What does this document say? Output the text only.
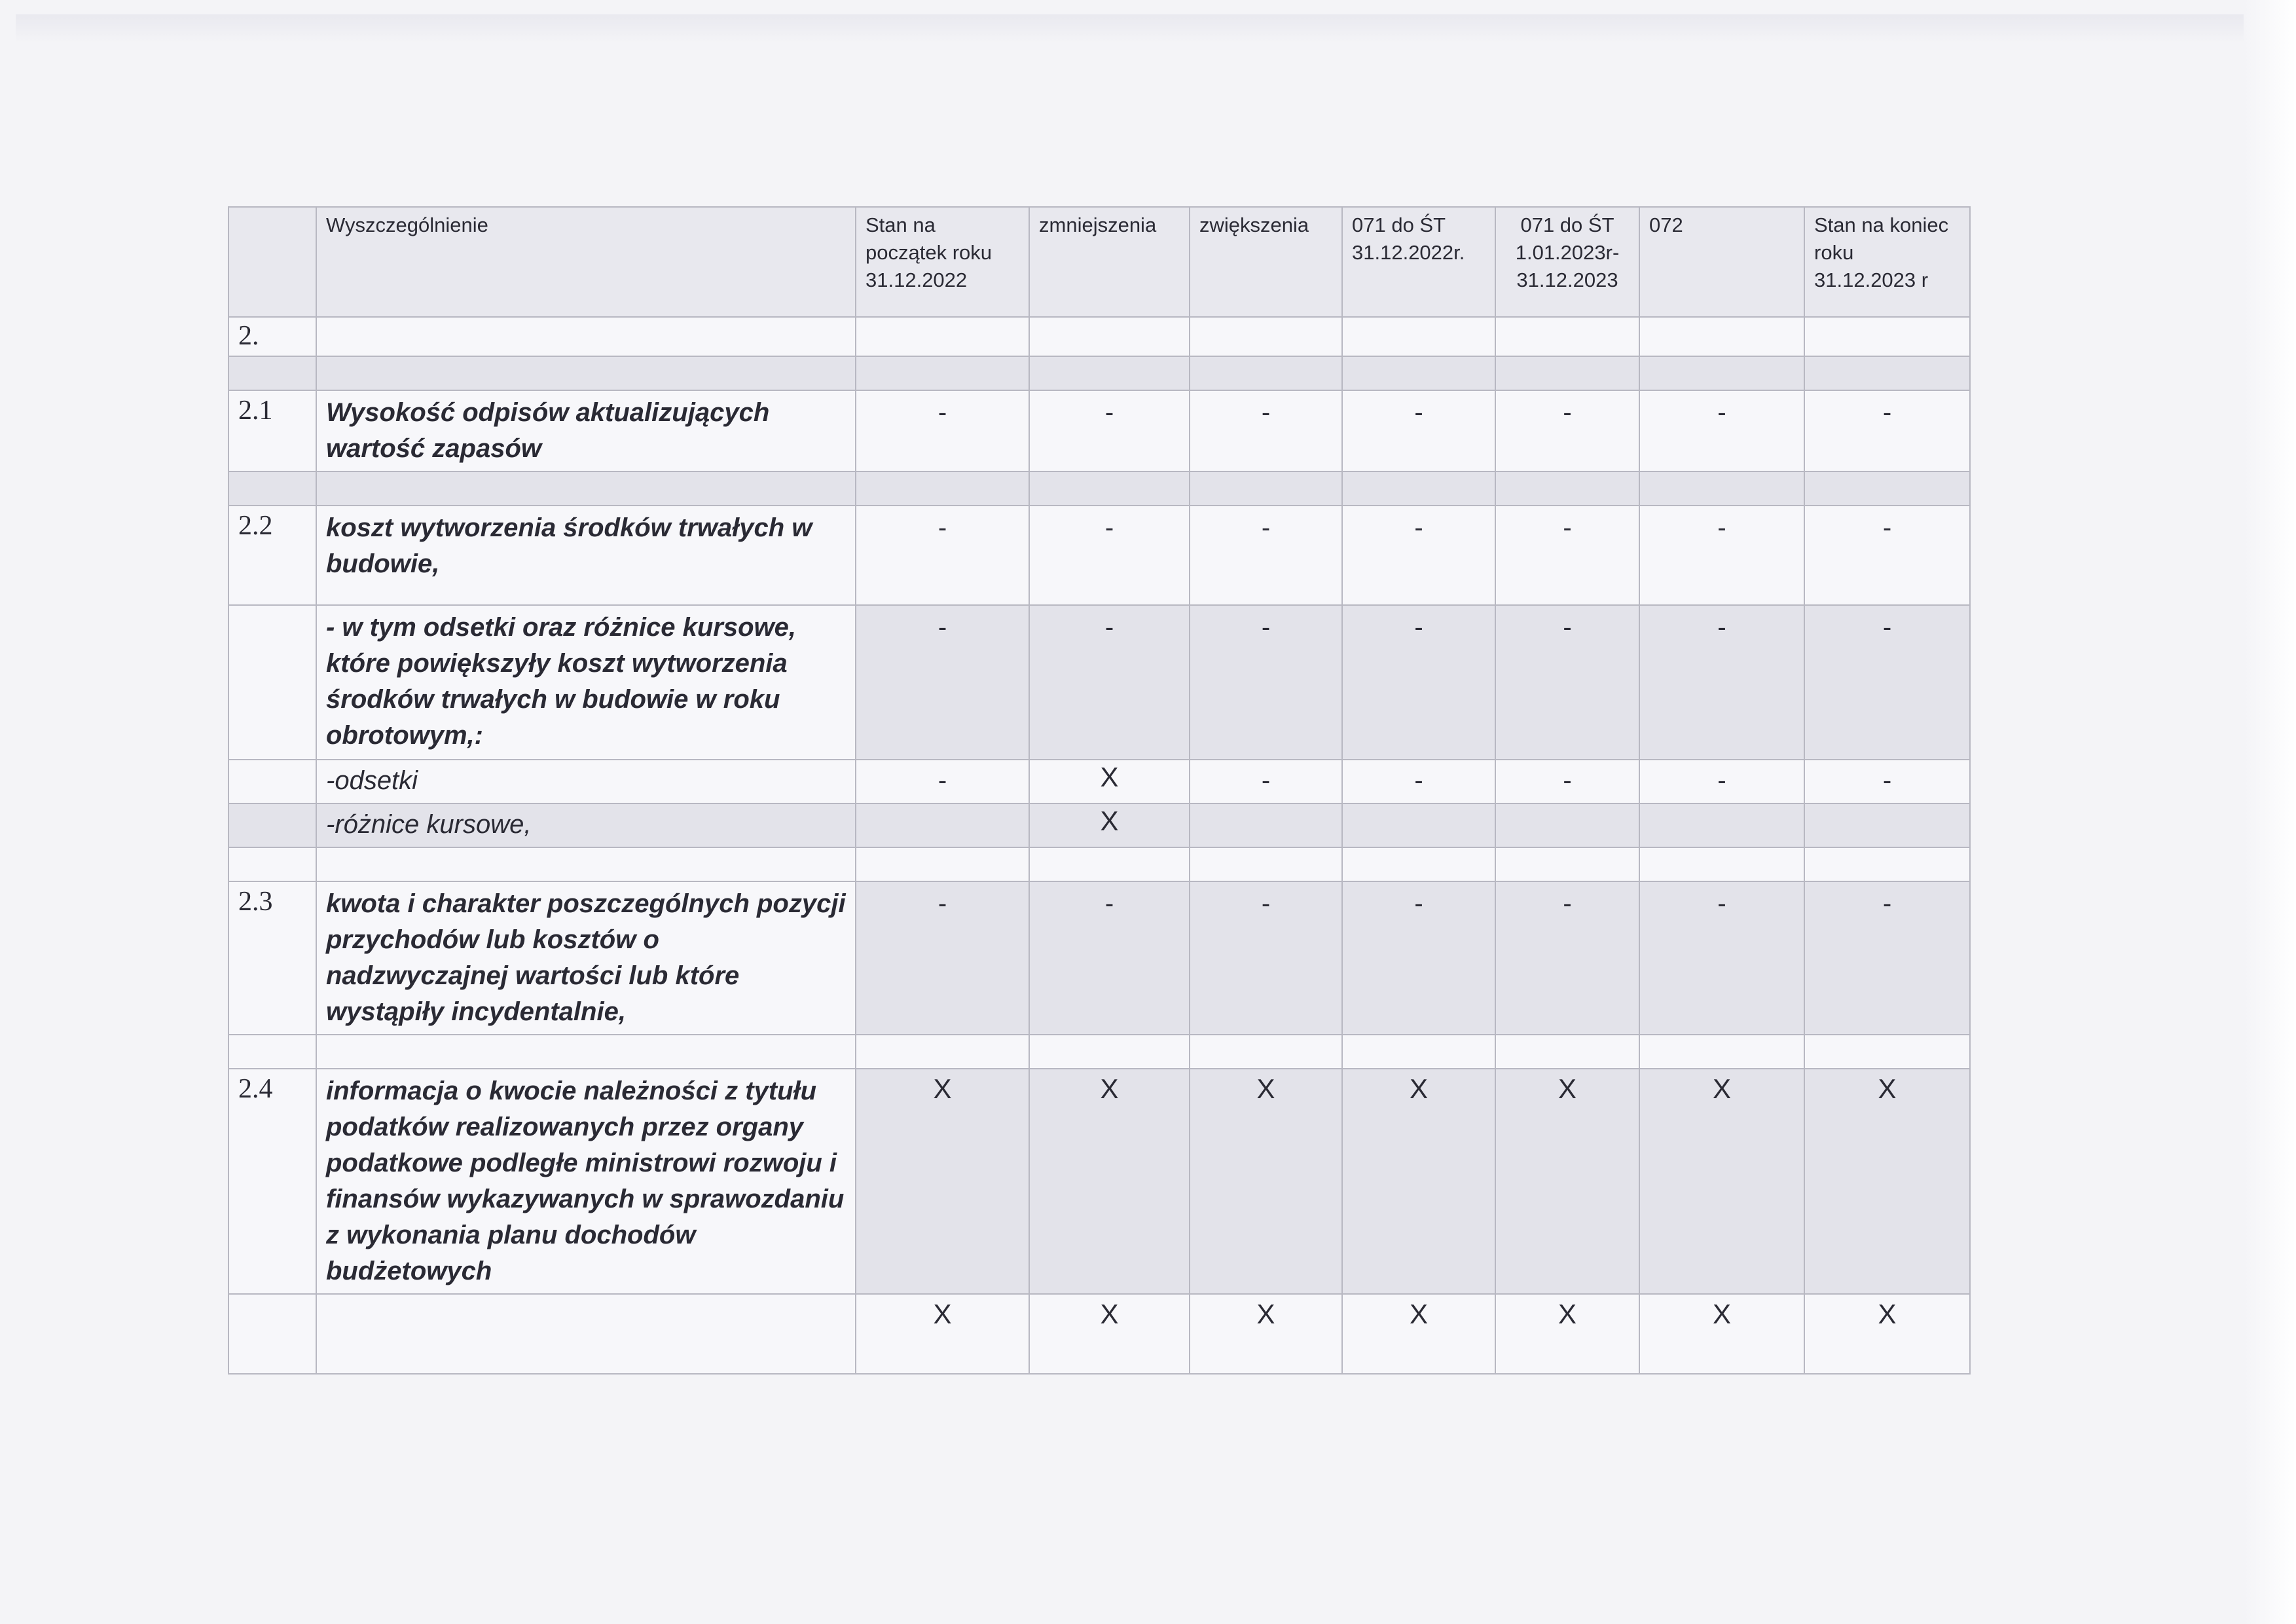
	Wyszczególnienie	Stan na początek roku 31.12.2022	zmniejszenia	zwiększenia	071 do ŚT 31.12.2022r.	071 do ŚT 1.01.2023r- 31.12.2023	072	Stan na koniec roku 31.12.2023 r
2.								

2.1	Wysokość odpisów aktualizujących wartość zapasów	-	-	-	-	-	-	-

2.2	koszt wytworzenia środków trwałych w budowie,	-	-	-	-	-	-	-
	- w tym odsetki oraz różnice kursowe, które powiększyły koszt wytworzenia środków trwałych w budowie w roku obrotowym,:	-	-	-	-	-	-	-
	-odsetki	-	X	-	-	-	-	-
	-różnice kursowe,		X					

2.3	kwota i charakter poszczególnych pozycji przychodów lub kosztów o nadzwyczajnej wartości lub które wystąpiły incydentalnie,	-	-	-	-	-	-	-

2.4	informacja o kwocie należności z tytułu podatków realizowanych przez organy podatkowe podległe ministrowi rozwoju i finansów wykazywanych w sprawozdaniu z wykonania planu dochodów budżetowych	X	X	X	X	X	X	X
		X	X	X	X	X	X	X
